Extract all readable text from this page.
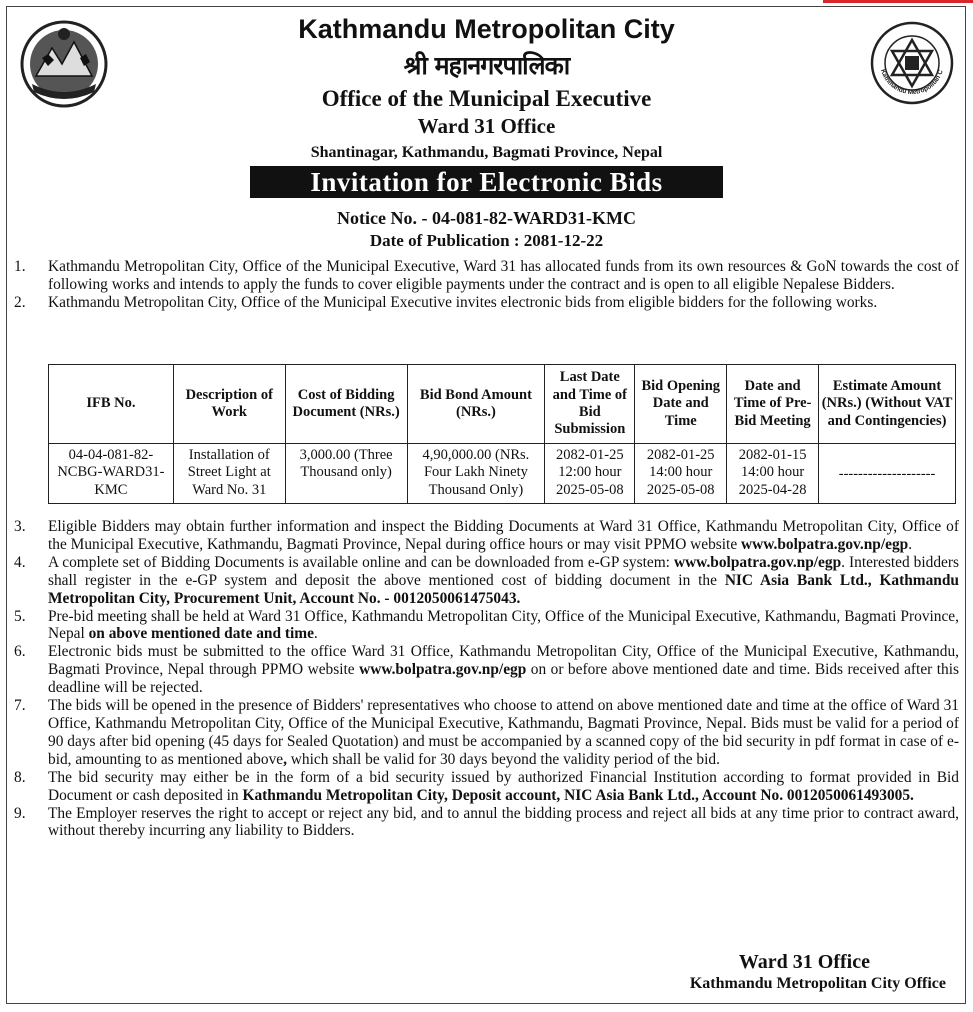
Kathmandu Metropolitan C
Kathmandu Metropolitan City
श्री महानगरपालिका
Office of the Municipal Executive
Ward 31 Office
Shantinagar, Kathmandu, Bagmati Province, Nepal
Invitation for Electronic Bids
Notice No. - 04-081-82-WARD31-KMC
Date of Publication : 2081-12-22
1.	Kathmandu Metropolitan City, Office of the Municipal Executive, Ward 31 has allocated funds from its own resources & GoN towards the cost of following works and intends to apply the funds to cover eligible payments under the contract and is open to all eligible Nepalese Bidders.
2.	Kathmandu Metropolitan City, Office of the Municipal Executive invites electronic bids from eligible bidders for the following works.
IFB No.	Description of Work	Cost of Bidding Document (NRs.)	Bid Bond Amount (NRs.)	Last Date and Time of Bid Submission	Bid Opening Date and Time	Date and Time of Pre-Bid Meeting	Estimate Amount (NRs.) (Without VAT and Contingencies)
04-04-081-82-NCBG-WARD31-KMC	Installation of Street Light at Ward No. 31	3,000.00 (Three Thousand only)	4,90,000.00 (NRs. Four Lakh Ninety Thousand Only)	2082-01-25 12:00 hour 2025-05-08	2082-01-25 14:00 hour 2025-05-08	2082-01-15 14:00 hour 2025-04-28	--------------------
3.	Eligible Bidders may obtain further information and inspect the Bidding Documents at Ward 31 Office, Kathmandu Metropolitan City, Office of the Municipal Executive, Kathmandu, Bagmati Province, Nepal during office hours or may visit PPMO website www.bolpatra.gov.np/egp.
4.	A complete set of Bidding Documents is available online and can be downloaded from e-GP system: www.bolpatra.gov.np/egp. Interested bidders shall register in the e-GP system and deposit the above mentioned cost of bidding document in the NIC Asia Bank Ltd., Kathmandu Metropolitan City, Procurement Unit, Account No. - 0012050061475043.
5.	Pre-bid meeting shall be held at Ward 31 Office, Kathmandu Metropolitan City, Office of the Municipal Executive, Kathmandu, Bagmati Province, Nepal on above mentioned date and time.
6.	Electronic bids must be submitted to the office Ward 31 Office, Kathmandu Metropolitan City, Office of the Municipal Executive, Kathmandu, Bagmati Province, Nepal through PPMO website www.bolpatra.gov.np/egp on or before above mentioned date and time. Bids received after this deadline will be rejected.
7.	The bids will be opened in the presence of Bidders' representatives who choose to attend on above mentioned date and time at the office of Ward 31 Office, Kathmandu Metropolitan City, Office of the Municipal Executive, Kathmandu, Bagmati Province, Nepal. Bids must be valid for a period of 90 days after bid opening (45 days for Sealed Quotation) and must be accompanied by a scanned copy of the bid security in pdf format in case of e-bid, amounting to as mentioned above, which shall be valid for 30 days beyond the validity period of the bid.
8.	The bid security may either be in the form of a bid security issued by authorized Financial Institution according to format provided in Bid Document or cash deposited in Kathmandu Metropolitan City, Deposit account, NIC Asia Bank Ltd., Account No. 0012050061493005.
9.	The Employer reserves the right to accept or reject any bid, and to annul the bidding process and reject all bids at any time prior to contract award, without thereby incurring any liability to Bidders.
Ward 31 Office
Kathmandu Metropolitan City Office
